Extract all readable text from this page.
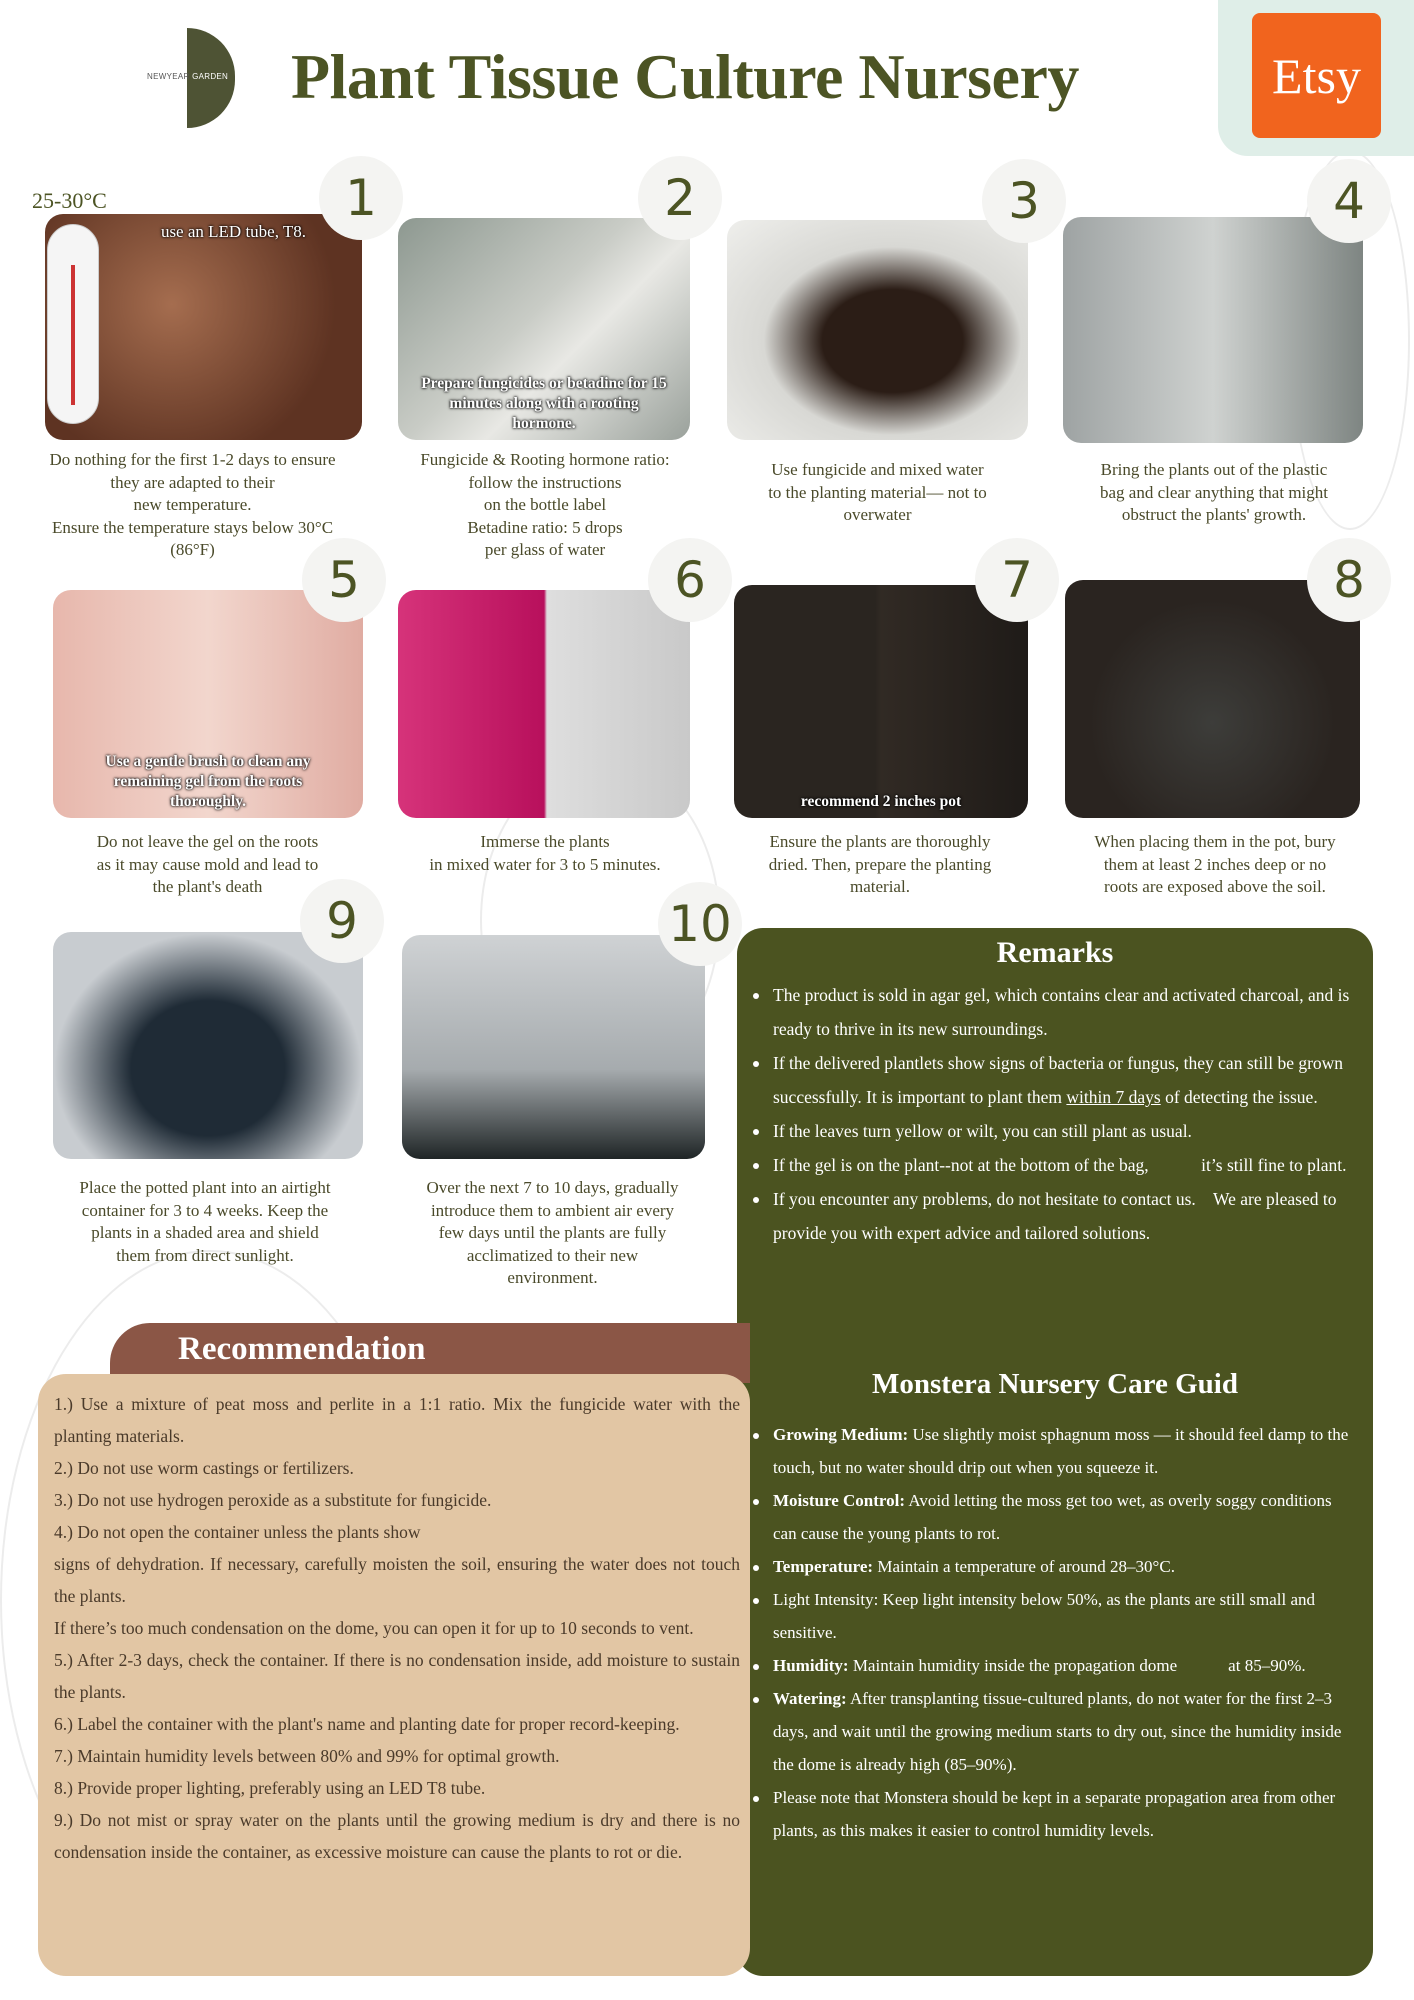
NEWYEAR GARDEN Plant Tissue Culture Nursery	Etsy
25-30°C
use an LED tube, T8.
1
Do nothing for the first 1-2 days to ensure
they are adapted to their
new temperature.
Ensure the temperature stays below 30°C
(86°F)
Prepare fungicides or betadine for 15
minutes along with a rooting
hormone.
2
Fungicide & Rooting hormone ratio:
follow the instructions
on the bottle label
Betadine ratio: 5 drops
per glass of water
3
Use fungicide and mixed water
to the planting material— not to
overwater
4
Bring the plants out of the plastic
bag and clear anything that might
obstruct the plants' growth.
Use a gentle brush to clean any
remaining gel from the roots
thoroughly.
5
Do not leave the gel on the roots
as it may cause mold and lead to
the plant's death
6
Immerse the plants
in mixed water for 3 to 5 minutes.
recommend 2 inches pot
7
Ensure the plants are thoroughly
dried. Then, prepare the planting
material.
8
When placing them in the pot, bury
them at least 2 inches deep or no
roots are exposed above the soil.
9
Place the potted plant into an airtight
container for 3 to 4 weeks. Keep the
plants in a shaded area and shield
them from direct sunlight.
10
Over the next 7 to 10 days, gradually
introduce them to ambient air every
few days until the plants are fully
acclimatized to their new
environment.
Remarks
The product is sold in agar gel, which contains clear and activated charcoal, and is ready to thrive in its new surroundings.
If the delivered plantlets show signs of bacteria or fungus, they can still be grown successfully. It is important to plant them within 7 days of detecting the issue.
If the leaves turn yellow or wilt, you can still plant as usual.
If the gel is on the plant--not at the bottom of the bag,            it’s still fine to plant.
If you encounter any problems, do not hesitate to contact us.    We are pleased to provide you with expert advice and tailored solutions.
Monstera Nursery Care Guid
Growing Medium: Use slightly moist sphagnum moss — it should feel damp to the touch, but no water should drip out when you squeeze it.
Moisture Control: Avoid letting the moss get too wet, as overly soggy conditions can cause the young plants to rot.
Temperature: Maintain a temperature of around 28–30°C.
Light Intensity: Keep light intensity below 50%, as the plants are still small and sensitive.
Humidity: Maintain humidity inside the propagation dome            at 85–90%.
Watering: After transplanting tissue-cultured plants, do not water for the first 2–3 days, and wait until the growing medium starts to dry out, since the humidity inside the dome is already high (85–90%).
Please note that Monstera should be kept in a separate propagation area from other plants, as this makes it easier to control humidity levels.
Recommendation

1.) Use a mixture of peat moss and perlite in a 1:1 ratio. Mix the fungicide water with the planting materials.

2.) Do not use worm castings or fertilizers.

3.) Do not use hydrogen peroxide as a substitute for fungicide.

4.) Do not open the container unless the plants show

signs of dehydration. If necessary, carefully moisten the soil, ensuring the water does not touch the plants.

If there’s too much condensation on the dome, you can open it for up to 10 seconds to vent.

5.) After 2-3 days, check the container. If there is no condensation inside, add moisture to sustain the plants.

6.) Label the container with the plant's name and planting date for proper record-keeping.

7.) Maintain humidity levels between 80% and 99% for optimal growth.

8.) Provide proper lighting, preferably using an LED T8 tube.

9.) Do not mist or spray water on the plants until the growing medium is dry and there is no condensation inside the container, as excessive moisture can cause the plants to rot or die.
